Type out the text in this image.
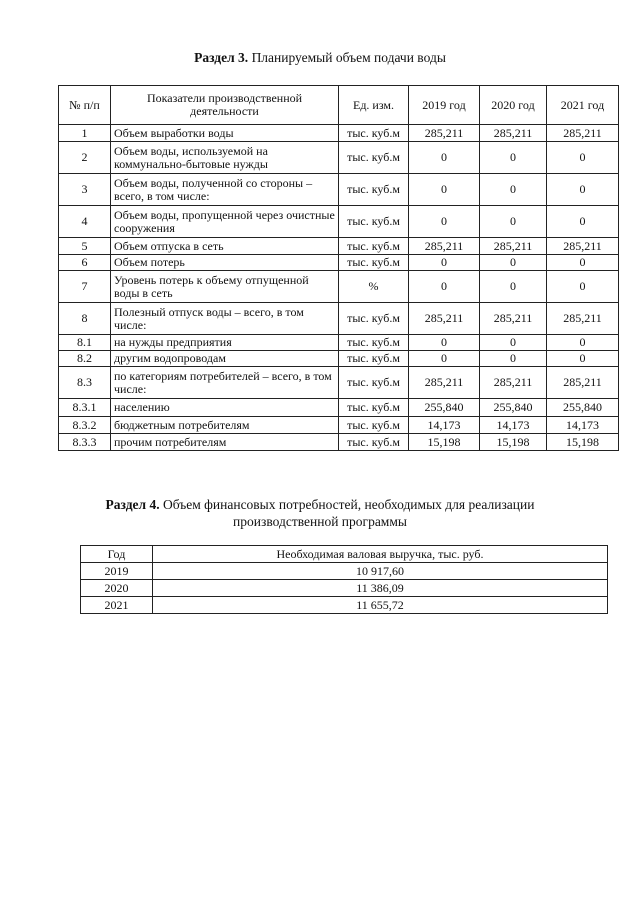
Раздел 3. Планируемый объем подачи воды
№ п/п	Показатели производственной деятельности	Ед. изм.	2019 год	2020 год	2021 год
1	Объем выработки воды	тыс. куб.м	285,211	285,211	285,211
2	Объем воды, используемой на коммунально-бытовые нужды	тыс. куб.м	0	0	0
3	Объем воды, полученной со стороны – всего, в том числе:	тыс. куб.м	0	0	0
4	Объем воды, пропущенной через очистные сооружения	тыс. куб.м	0	0	0
5	Объем отпуска в сеть	тыс. куб.м	285,211	285,211	285,211
6	Объем потерь	тыс. куб.м	0	0	0
7	Уровень потерь к объему отпущенной воды в сеть	%	0	0	0
8	Полезный отпуск воды – всего, в том числе:	тыс. куб.м	285,211	285,211	285,211
8.1	на нужды предприятия	тыс. куб.м	0	0	0
8.2	другим водопроводам	тыс. куб.м	0	0	0
8.3	по категориям потребителей – всего, в том числе:	тыс. куб.м	285,211	285,211	285,211
8.3.1	населению	тыс. куб.м	255,840	255,840	255,840
8.3.2	бюджетным потребителям	тыс. куб.м	14,173	14,173	14,173
8.3.3	прочим потребителям	тыс. куб.м	15,198	15,198	15,198
Раздел 4. Объем финансовых потребностей, необходимых для реализации
производственной программы
Год	Необходимая валовая выручка, тыс. руб.
2019	10 917,60
2020	11 386,09
2021	11 655,72
